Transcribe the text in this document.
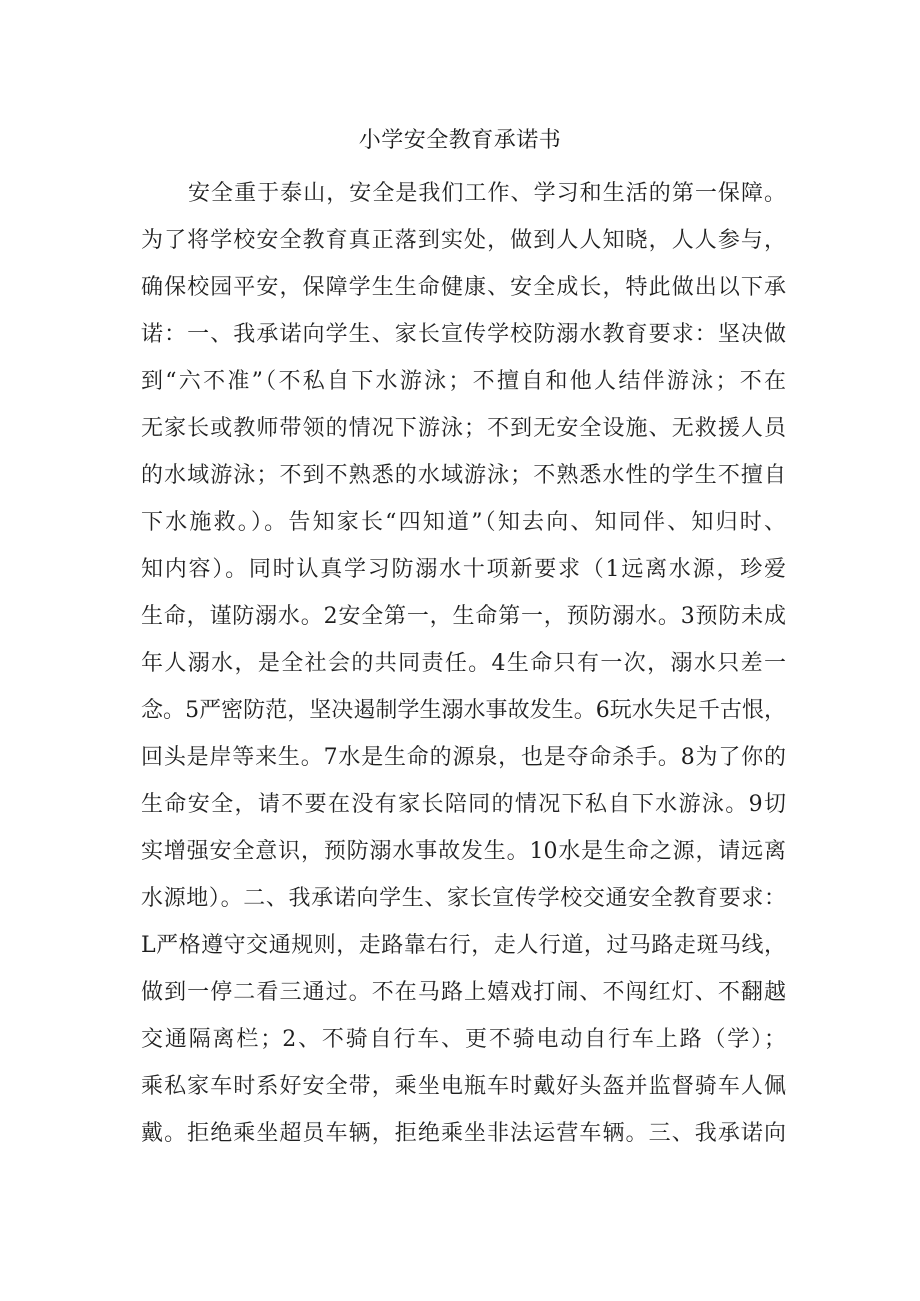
小学安全教育承诺书
安全重于泰山，安全是我们工作、学习和生活的第一保障。
为了将学校安全教育真正落到实处，做到人人知晓，人人参与，
确保校园平安，保障学生生命健康、安全成长，特此做出以下承
诺：一、我承诺向学生、家长宣传学校防溺水教育要求：坚决做
到“六不准”（不私自下水游泳；不擅自和他人结伴游泳；不在
无家长或教师带领的情况下游泳；不到无安全设施、无救援人员
的水域游泳；不到不熟悉的水域游泳；不熟悉水性的学生不擅自
下水施救。）。告知家长“四知道”（知去向、知同伴、知归时、
知内容）。同时认真学习防溺水十项新要求（1远离水源，珍爱
生命，谨防溺水。2安全第一，生命第一，预防溺水。3预防未成
年人溺水，是全社会的共同责任。4生命只有一次，溺水只差一
念。5严密防范，坚决遏制学生溺水事故发生。6玩水失足千古恨，
回头是岸等来生。7水是生命的源泉，也是夺命杀手。8为了你的
生命安全，请不要在没有家长陪同的情况下私自下水游泳。9切
实增强安全意识，预防溺水事故发生。10水是生命之源，请远离
水源地）。二、我承诺向学生、家长宣传学校交通安全教育要求：
L严格遵守交通规则，走路靠右行，走人行道，过马路走斑马线，
做到一停二看三通过。不在马路上嬉戏打闹、不闯红灯、不翻越
交通隔离栏；2、不骑自行车、更不骑电动自行车上路（学）；
乘私家车时系好安全带，乘坐电瓶车时戴好头盔并监督骑车人佩
戴。拒绝乘坐超员车辆，拒绝乘坐非法运营车辆。三、我承诺向
